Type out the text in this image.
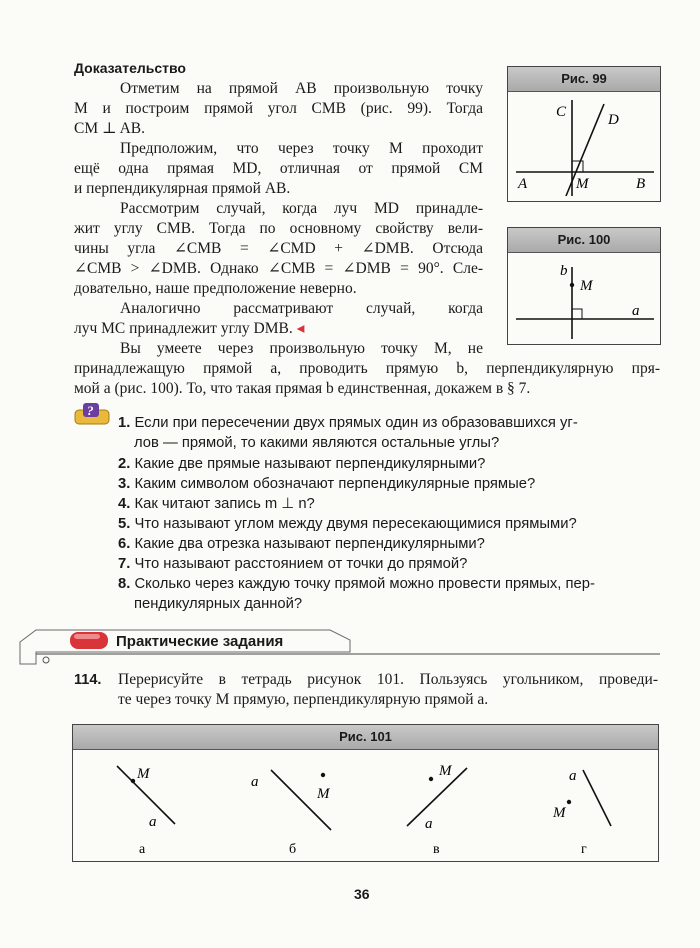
Доказательство
Отметим на прямой AB произвольную точку
M и построим прямой угол CMB (рис. 99). Тогда
CM ⊥ AB.
Предположим, что через точку M проходит
ещё одна прямая MD, отличная от прямой CM
и перпендикулярная прямой AB.
Рассмотрим случай, когда луч MD принадле-
жит углу CMB. Тогда по основному свойству вели-
чины угла ∠CMB = ∠CMD + ∠DMB. Отсюда
∠CMB > ∠DMB. Однако ∠CMB = ∠DMB = 90°. Сле-
довательно, наше предположение неверно.
Аналогично рассматривают случай, когда
луч MC принадлежит углу DMB. ◂
Вы умеете через произвольную точку M, не
принадлежащую прямой a, проводить прямую b, перпендикулярную пря-
мой a (рис. 100). То, что такая прямая b единственная, докажем в § 7.
Рис. 99
C	D
A	M	B
Рис. 100
b
M
a
?
1. Если при пересечении двух прямых один из образовавшихся уг-
лов — прямой, то какими являются остальные углы?
2. Какие две прямые называют перпендикулярными?
3. Каким символом обозначают перпендикулярные прямые?
4. Как читают запись m ⊥ n?
5. Что называют углом между двумя пересекающимися прямыми?
6. Какие два отрезка называют перпендикулярными?
7. Что называют расстоянием от точки до прямой?
8. Сколько через каждую точку прямой можно провести прямых, пер-
пендикулярных данной?
Практические задания
114. Перерисуйте в тетрадь рисунок 101. Пользуясь угольником, проведи-
те через точку M прямую, перпендикулярную прямой a.
Рис. 101
M
a
а
a
M
б
M
a
в
a
M
г
36
